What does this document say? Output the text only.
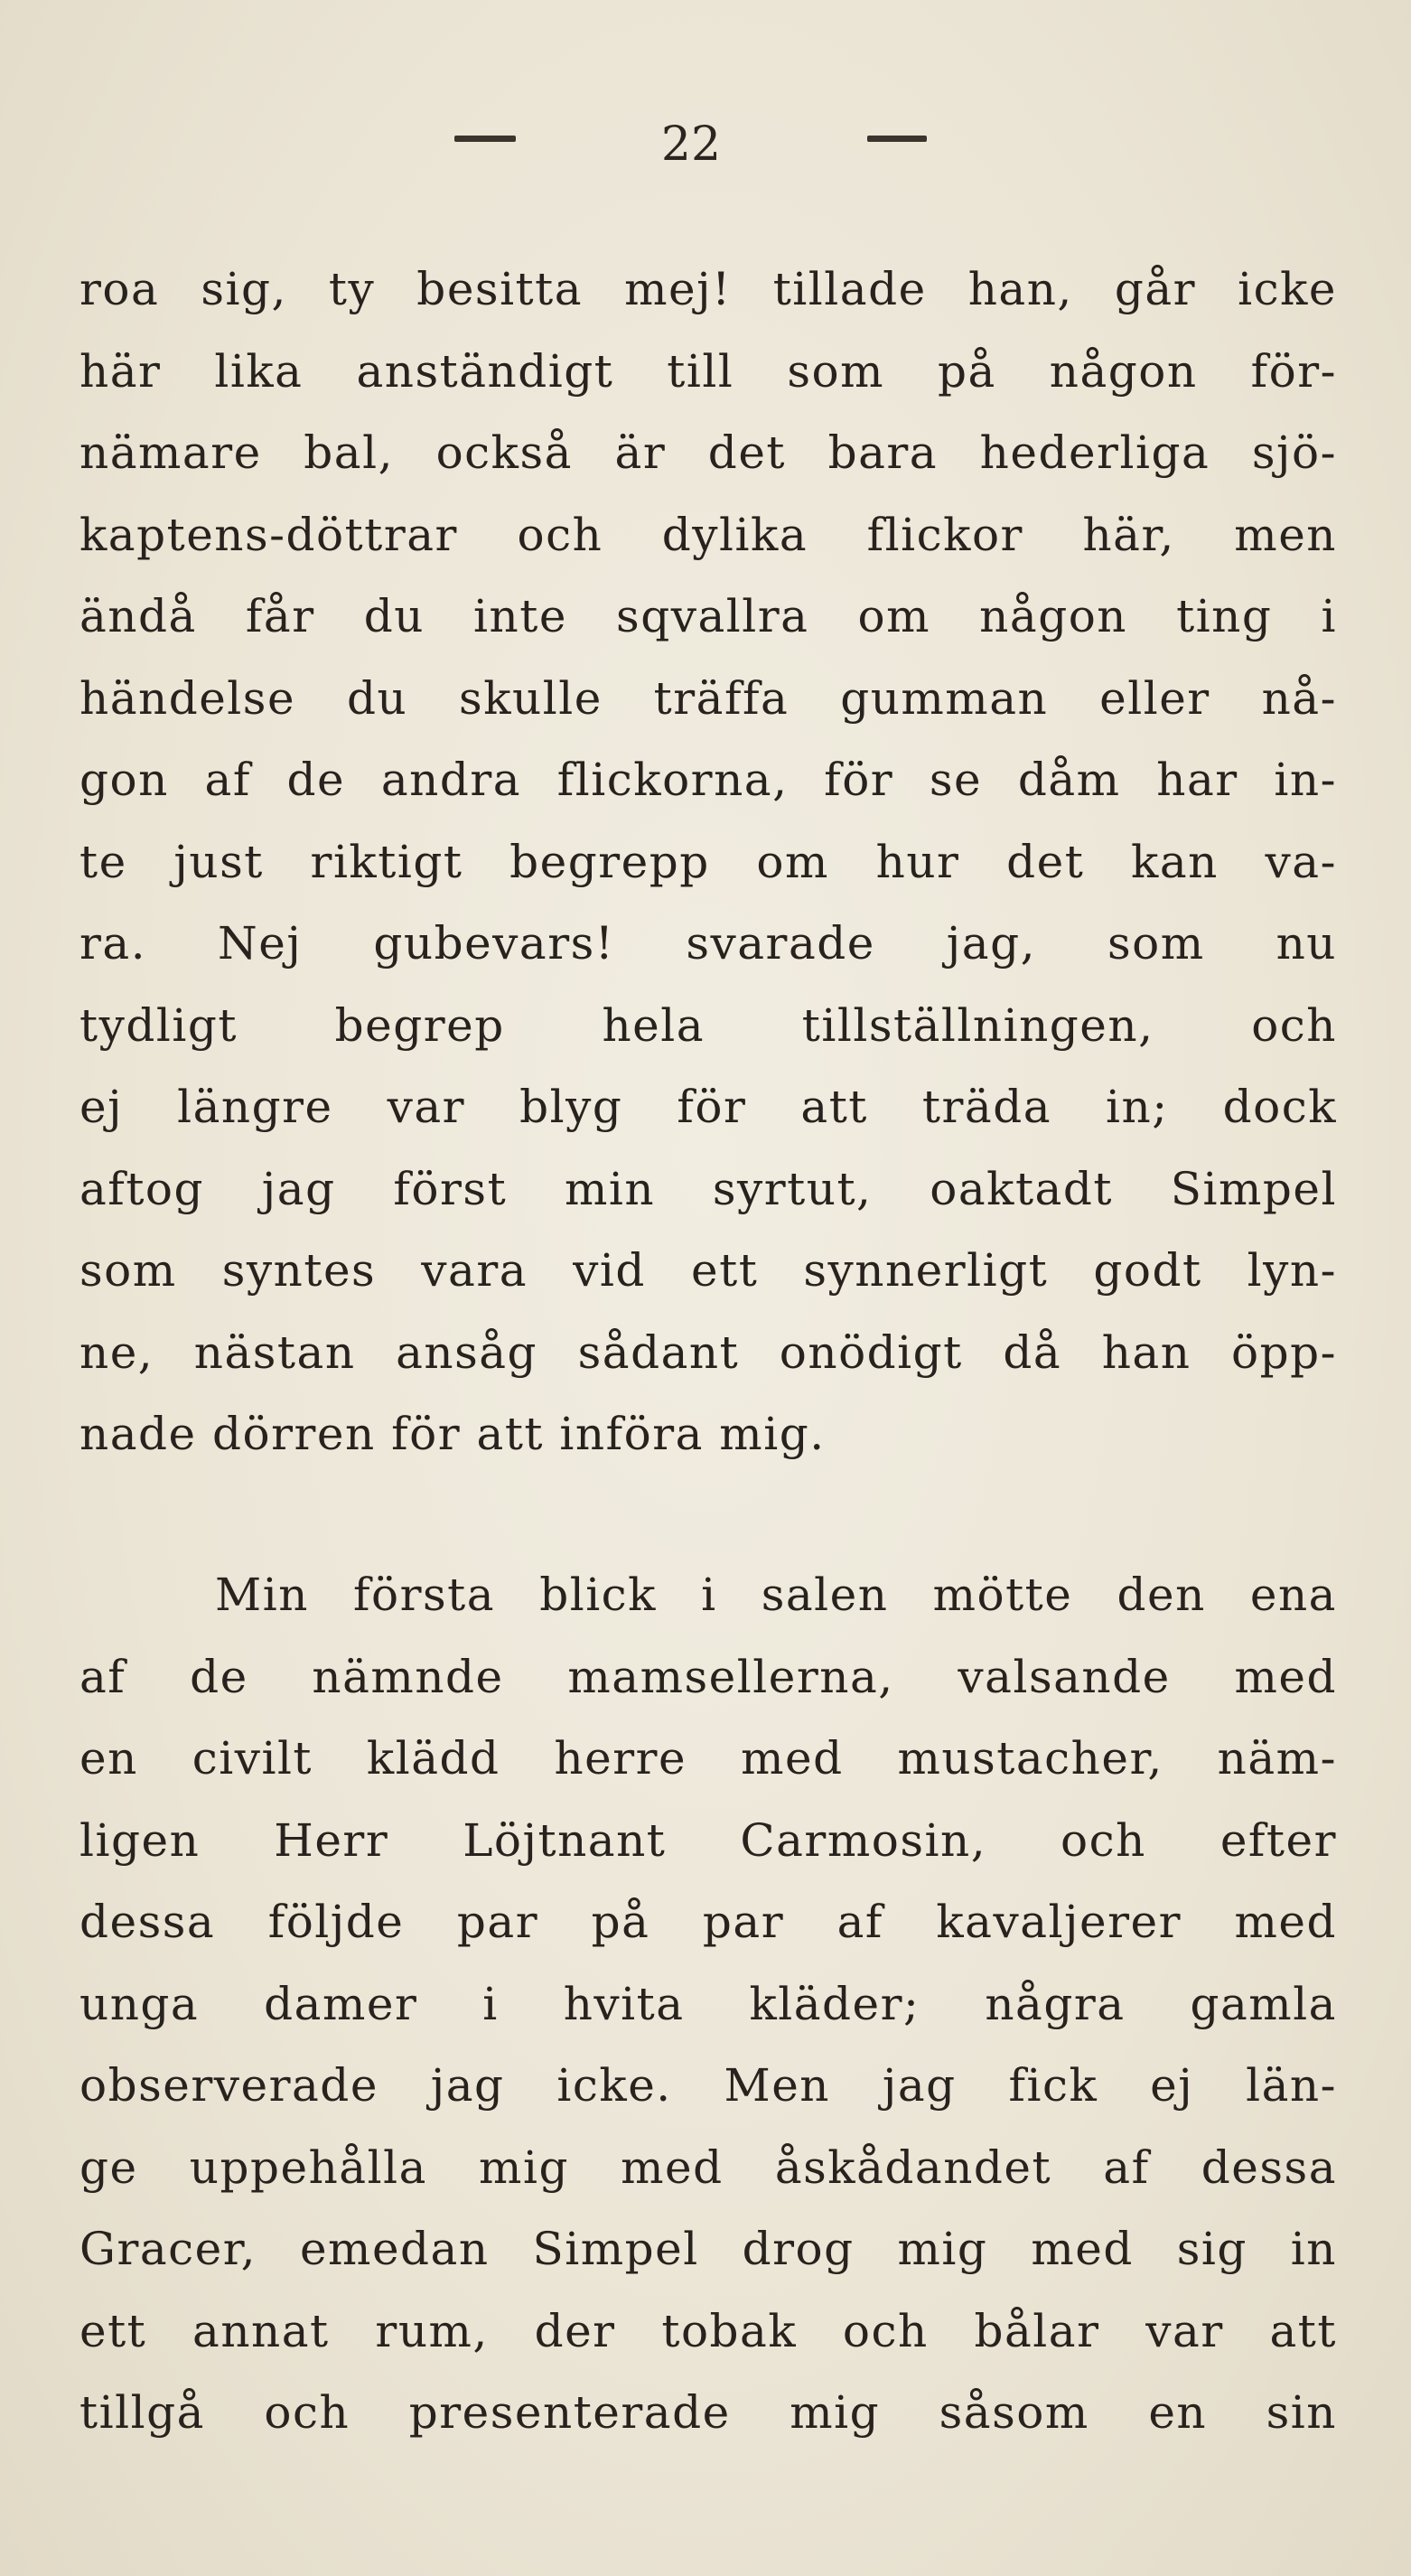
22
roa sig, ty besitta mej! tillade han, går icke
här lika anständigt till som på någon för-
nämare bal, också är det bara hederliga sjö-
kaptens-döttrar och dylika flickor här, men
ändå får du inte sqvallra om någon ting i
händelse du skulle träffa gumman eller nå-
gon af de andra flickorna, för se dåm har in-
te just riktigt begrepp om hur det kan va-
ra. Nej gubevars! svarade jag, som nu
tydligt begrep hela tillställningen, och
ej längre var blyg för att träda in; dock
aftog jag först min syrtut, oaktadt Simpel
som syntes vara vid ett synnerligt godt lyn-
ne, nästan ansåg sådant onödigt då han öpp-
nade dörren för att införa mig.
Min första blick i salen mötte den ena
af de nämnde mamsellerna, valsande med
en civilt klädd herre med mustacher, näm-
ligen Herr Löjtnant Carmosin, och efter
dessa följde par på par af kavaljerer med
unga damer i hvita kläder; några gamla
observerade jag icke. Men jag fick ej län-
ge uppehålla mig med åskådandet af dessa
Gracer, emedan Simpel drog mig med sig in
ett annat rum, der tobak och bålar var att
tillgå och presenterade mig såsom en sin
